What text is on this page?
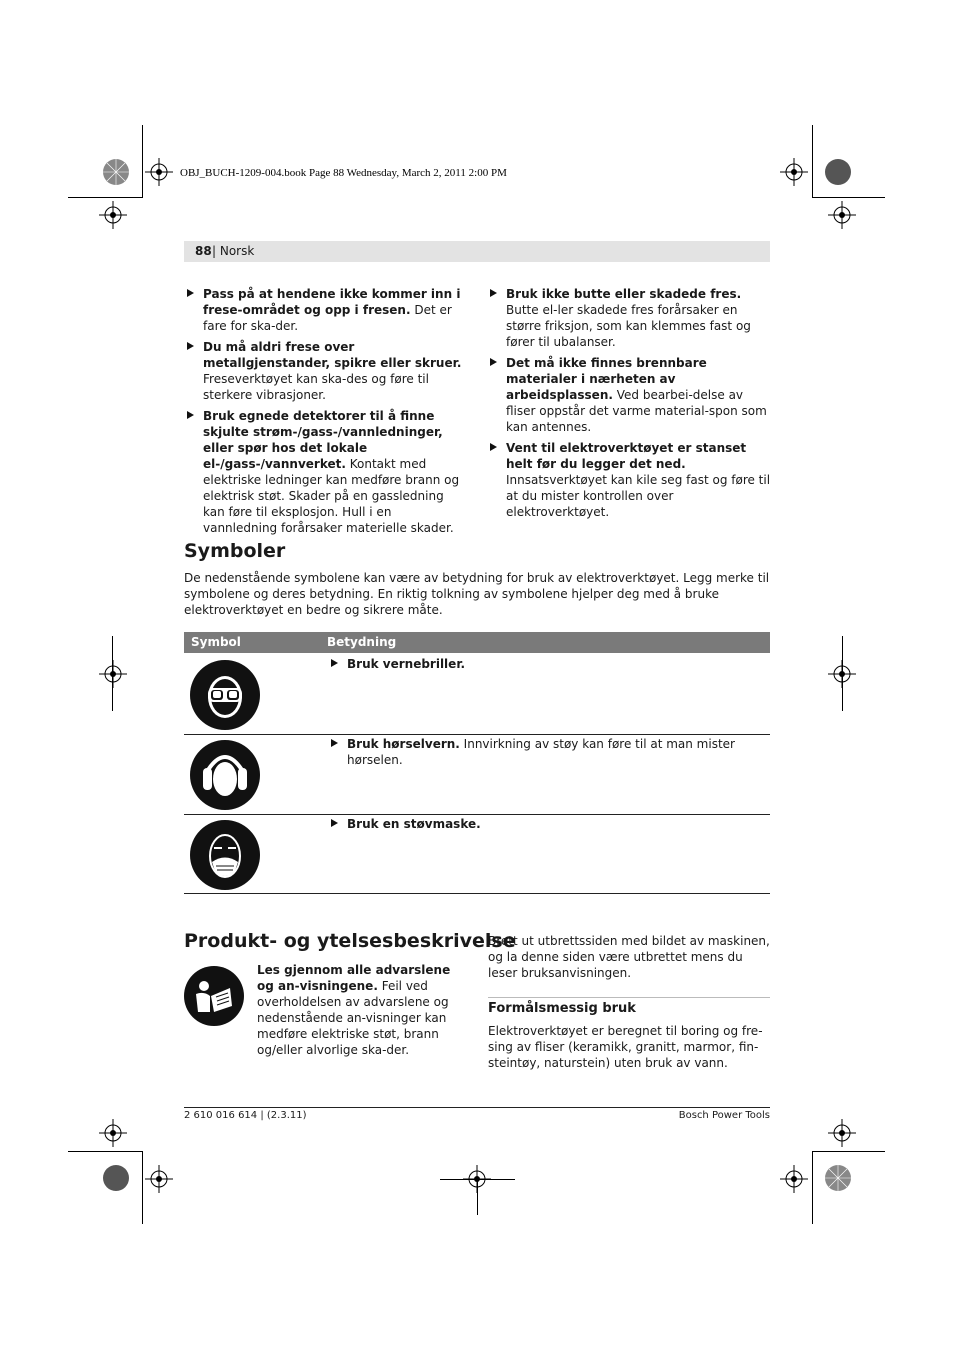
OBJ_BUCH-1209-004.book Page 88 Wednesday, March 2, 2011 2:00 PM
88 | Norsk
Pass på at hendene ikke kommer inn i frese-området og opp i fresen. Det er fare for ska-der.
Du må aldri frese over metallgjenstander, spikre eller skruer. Freseverktøyet kan ska-des og føre til sterkere vibrasjoner.
Bruk egnede detektorer til å finne skjulte strøm-/gass-/vannledninger, eller spør hos det lokale el-/gass-/vannverket. Kontakt med elektriske ledninger kan medføre brann og elektrisk støt. Skader på en gassledning kan føre til eksplosjon. Hull i en vannledning forårsaker materielle skader.
Bruk ikke butte eller skadede fres. Butte el-ler skadede fres forårsaker en større friksjon, som kan klemmes fast og fører til ubalanser.
Det må ikke finnes brennbare materialer i nærheten av arbeidsplassen. Ved bearbei-delse av fliser oppstår det varme material-spon som kan antennes.
Vent til elektroverktøyet er stanset helt før du legger det ned. Innsatsverktøyet kan kile seg fast og føre til at du mister kontrollen over elektroverktøyet.
Symboler
De nedenstående symbolene kan være av betydning for bruk av elektroverktøyet. Legg merke til symbolene og deres betydning. En riktig tolkning av symbolene hjelper deg med å bruke elektroverktøyet en bedre og sikrere måte.
Symbol	Betydning
Bruk vernebriller.
Bruk hørselvern. Innvirkning av støy kan føre til at man mister hørselen.
Bruk en støvmaske.
Produkt- og ytelsesbeskrivelse
Les gjennom alle advarslene og an-visningene. Feil ved overholdelsen av advarslene og nedenstående an-visninger kan medføre elektriske støt, brann og/eller alvorlige ska-der.
Brett ut utbrettssiden med bildet av maskinen, og la denne siden være utbrettet mens du leser bruksanvisningen.
Formålsmessig bruk
Elektroverktøyet er beregnet til boring og fre-sing av fliser (keramikk, granitt, marmor, fin-steintøy, naturstein) uten bruk av vann.
2 610 016 614 | (2.3.11)	Bosch Power Tools
